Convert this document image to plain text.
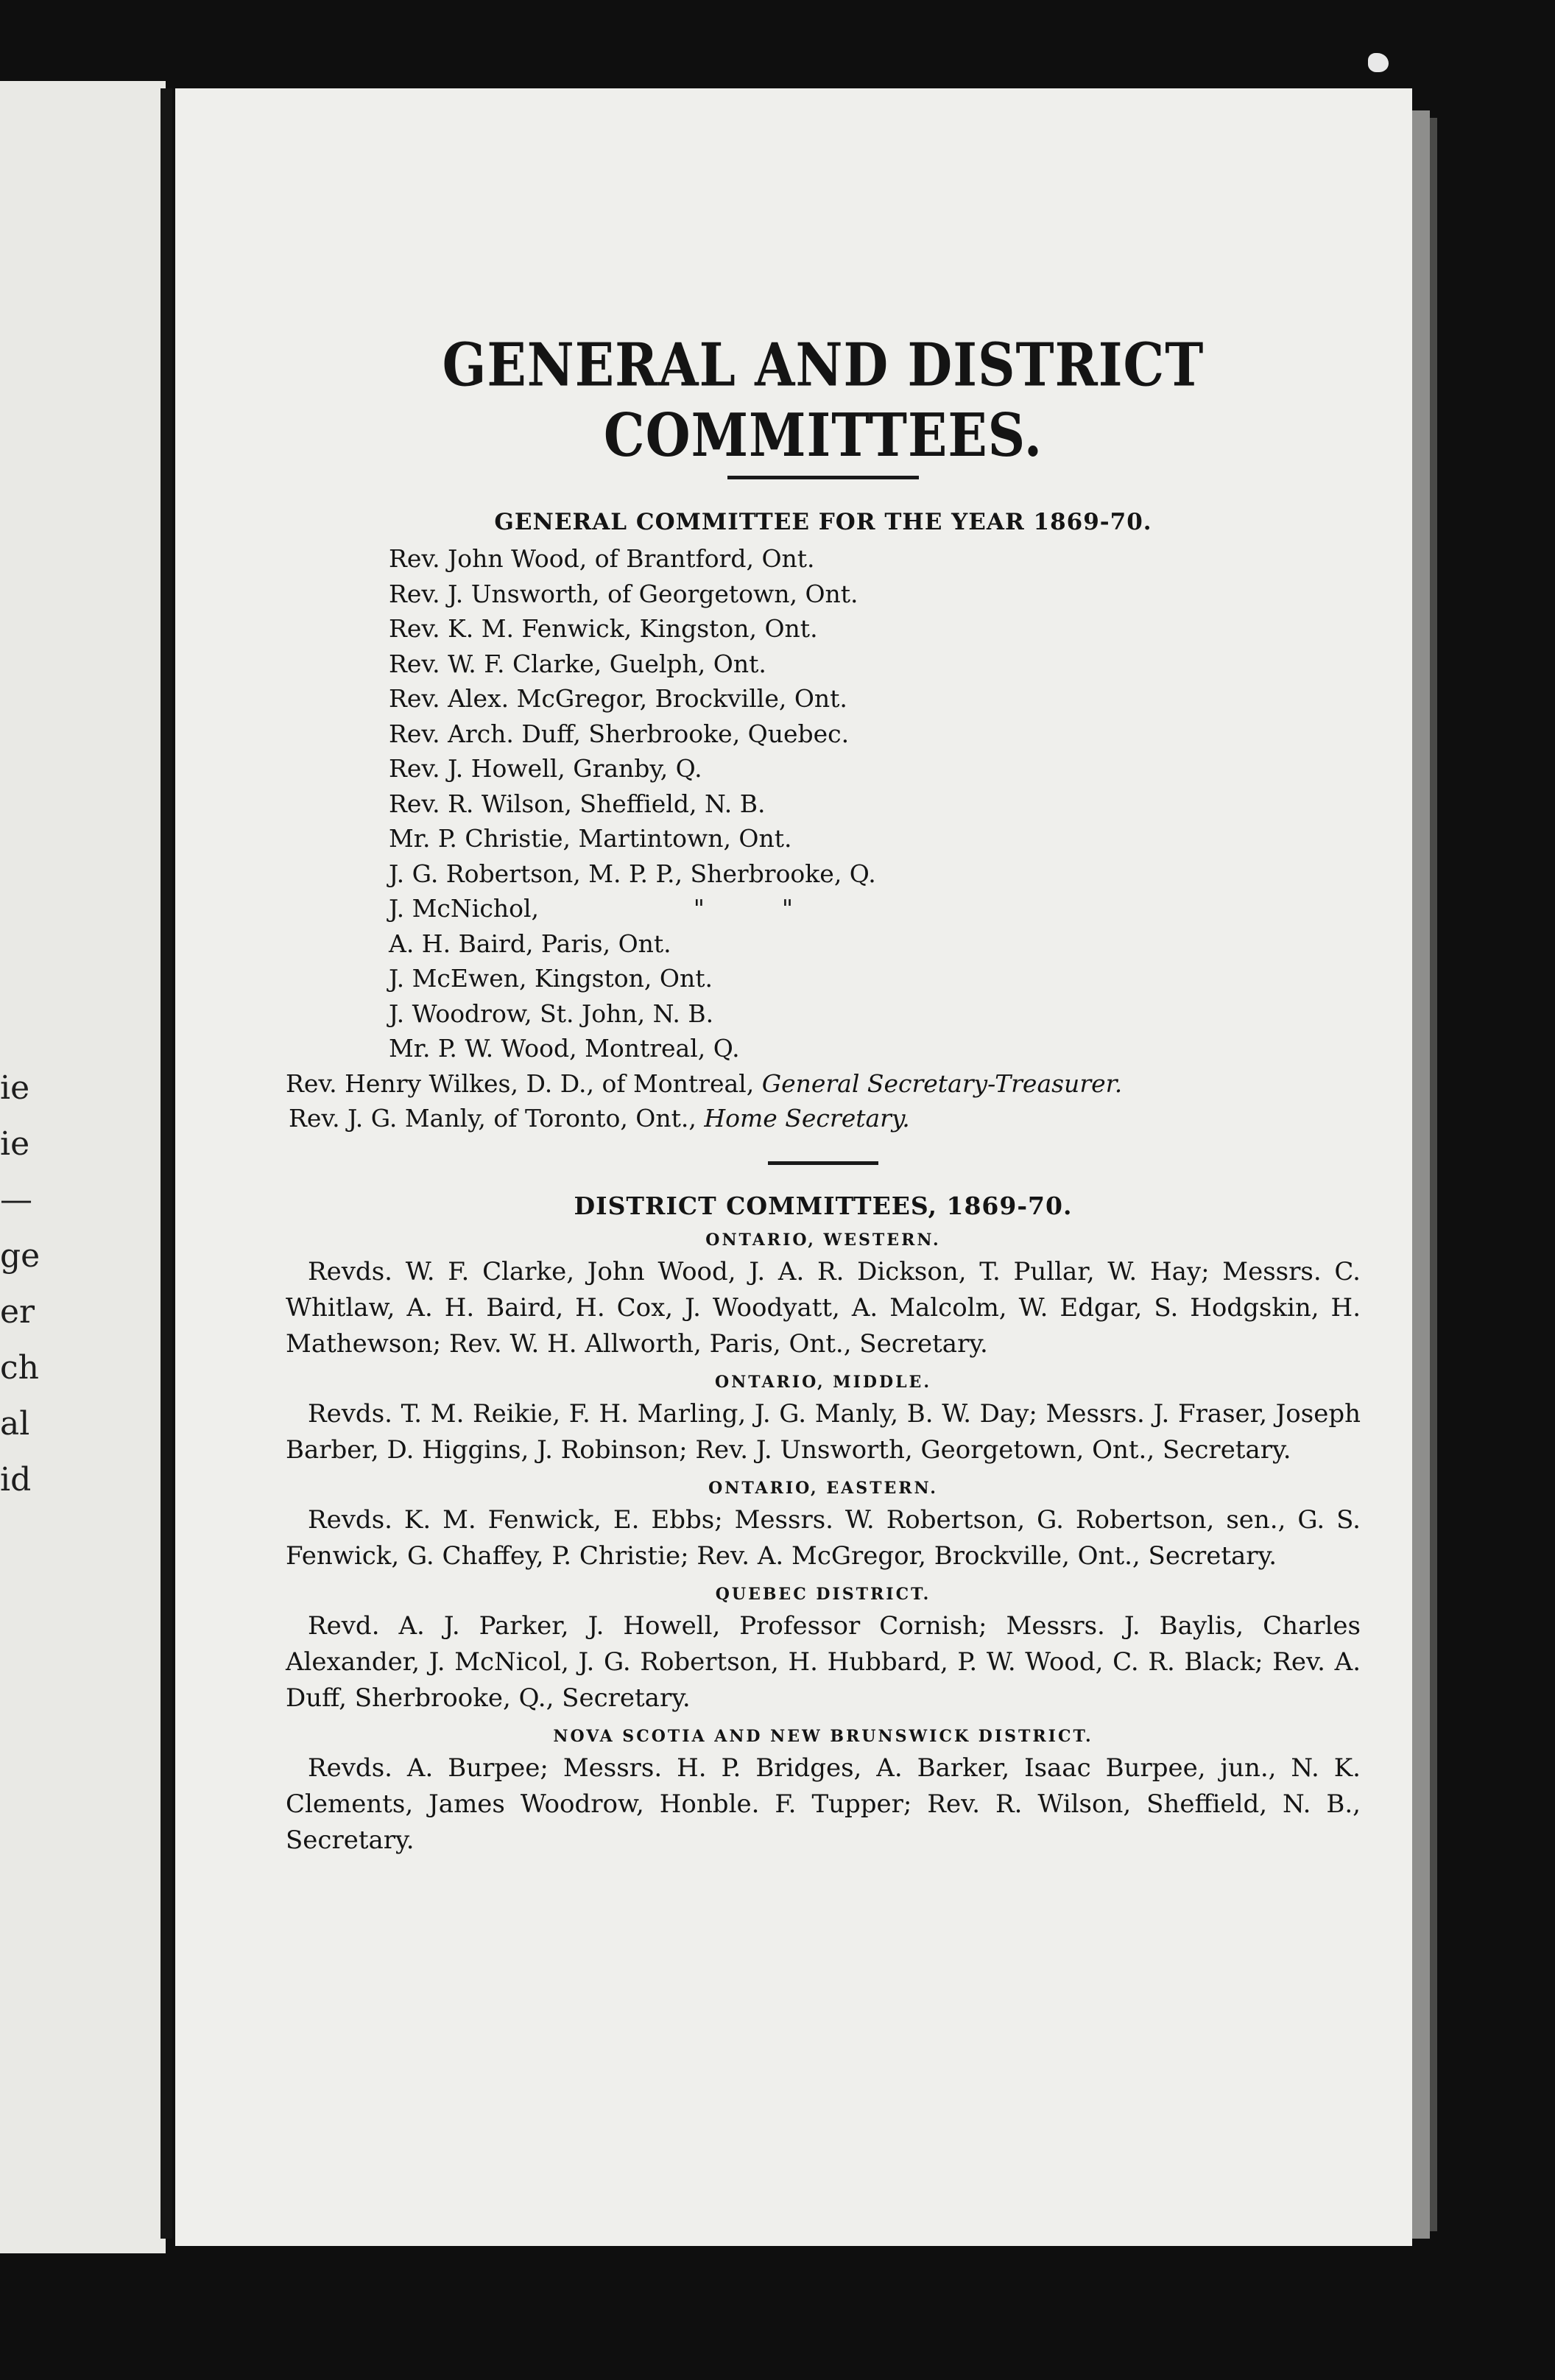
ie
ie
—
ge
er
ch
al
id
GENERAL AND DISTRICT COMMITTEES.
GENERAL COMMITTEE FOR THE YEAR 1869-70.
Rev. John Wood, of Brantford, Ont.
Rev. J. Unsworth, of Georgetown, Ont.
Rev. K. M. Fenwick, Kingston, Ont.
Rev. W. F. Clarke, Guelph, Ont.
Rev. Alex. McGregor, Brockville, Ont.
Rev. Arch. Duff, Sherbrooke, Quebec.
Rev. J. Howell, Granby, Q.
Rev. R. Wilson, Sheffield, N. B.
Mr. P. Christie, Martintown, Ont.
J. G. Robertson, M. P. P., Sherbrooke, Q.
J. McNichol,                    "          "
A. H. Baird, Paris, Ont.
J. McEwen, Kingston, Ont.
J. Woodrow, St. John, N. B.
Mr. P. W. Wood, Montreal, Q.
Rev. Henry Wilkes, D. D., of Montreal, General Secretary-Treasurer.
Rev. J. G. Manly, of Toronto, Ont., Home Secretary.
DISTRICT COMMITTEES, 1869-70.
ONTARIO, WESTERN.

Revds. W. F. Clarke, John Wood, J. A. R. Dickson, T. Pullar, W. Hay; Messrs. C. Whitlaw, A. H. Baird, H. Cox, J. Woodyatt, A. Malcolm, W. Edgar, S. Hodgskin, H. Mathewson; Rev. W. H. Allworth, Paris, Ont., Secretary.

ONTARIO, MIDDLE.

Revds. T. M. Reikie, F. H. Marling, J. G. Manly, B. W. Day; Messrs. J. Fraser, Joseph Barber, D. Higgins, J. Robinson; Rev. J. Unsworth, Georgetown, Ont., Secretary.

ONTARIO, EASTERN.

Revds. K. M. Fenwick, E. Ebbs; Messrs. W. Robertson, G. Robertson, sen., G. S. Fenwick, G. Chaffey, P. Christie; Rev. A. McGregor, Brockville, Ont., Secretary.

QUEBEC DISTRICT.

Revd. A. J. Parker, J. Howell, Professor Cornish; Messrs. J. Baylis, Charles Alexander, J. McNicol, J. G. Robertson, H. Hubbard, P. W. Wood, C. R. Black; Rev. A. Duff, Sherbrooke, Q., Secretary.

NOVA SCOTIA AND NEW BRUNSWICK DISTRICT.

Revds. A. Burpee; Messrs. H. P. Bridges, A. Barker, Isaac Burpee, jun., N. K. Clements, James Woodrow, Honble. F. Tupper; Rev. R. Wilson, Sheffield, N. B., Secretary.
